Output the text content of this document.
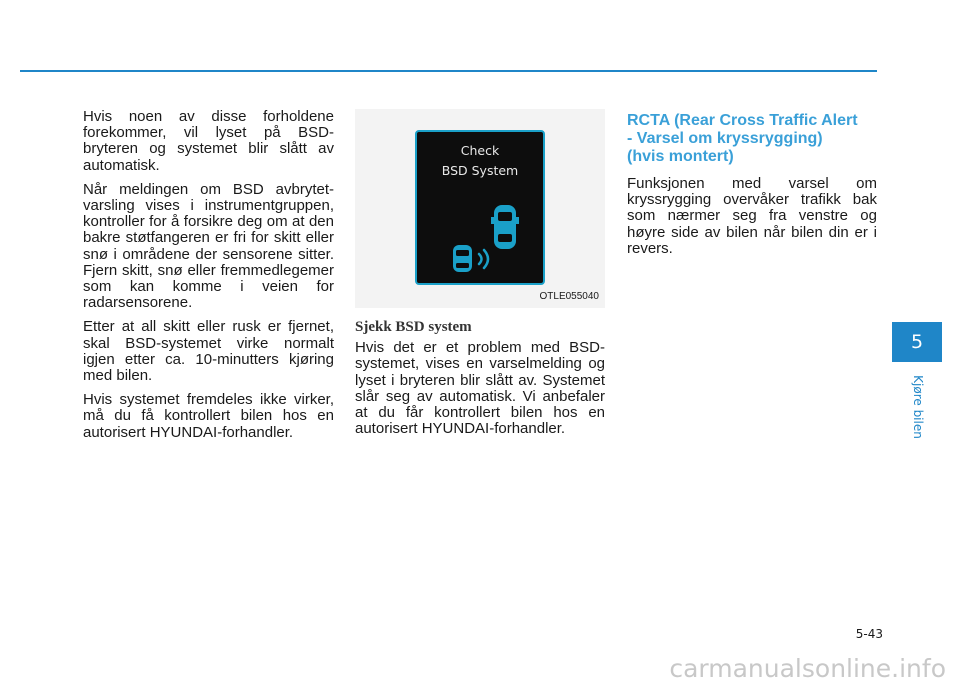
Hvis noen av disse forholdene forekommer, vil lyset på BSD-bryteren og systemet blir slått av automatisk.

Når meldingen om BSD avbrytet-varsling vises i instrumentgruppen, kontroller for å forsikre deg om at den bakre støtfangeren er fri for skitt eller snø i områdene der sensorene sitter. Fjern skitt, snø eller fremmedlegemer som kan komme i veien for radarsensorene.

Etter at all skitt eller rusk er fjernet, skal BSD-systemet virke normalt igjen etter ca. 10-minutters kjøring med bilen.

Hvis systemet fremdeles ikke virker, må du få kontrollert bilen hos en autorisert HYUNDAI-forhandler.

Check
BSD System
OTLE055040
Sjekk BSD system

Hvis det er et problem med BSD-systemet, vises en varselmelding og lyset i bryteren blir slått av. Systemet slår seg av automatisk. Vi anbefaler at du får kontrollert bilen hos en autorisert HYUNDAI-forhandler.

RCTA (Rear Cross Traffic Alert
- Varsel om kryssrygging)
(hvis montert)

Funksjonen med varsel om kryssrygging overvåker trafikk bak som nærmer seg fra venstre og høyre side av bilen når bilen din er i revers.

5
Kjøre bilen
5-43
carmanualsonline.info
